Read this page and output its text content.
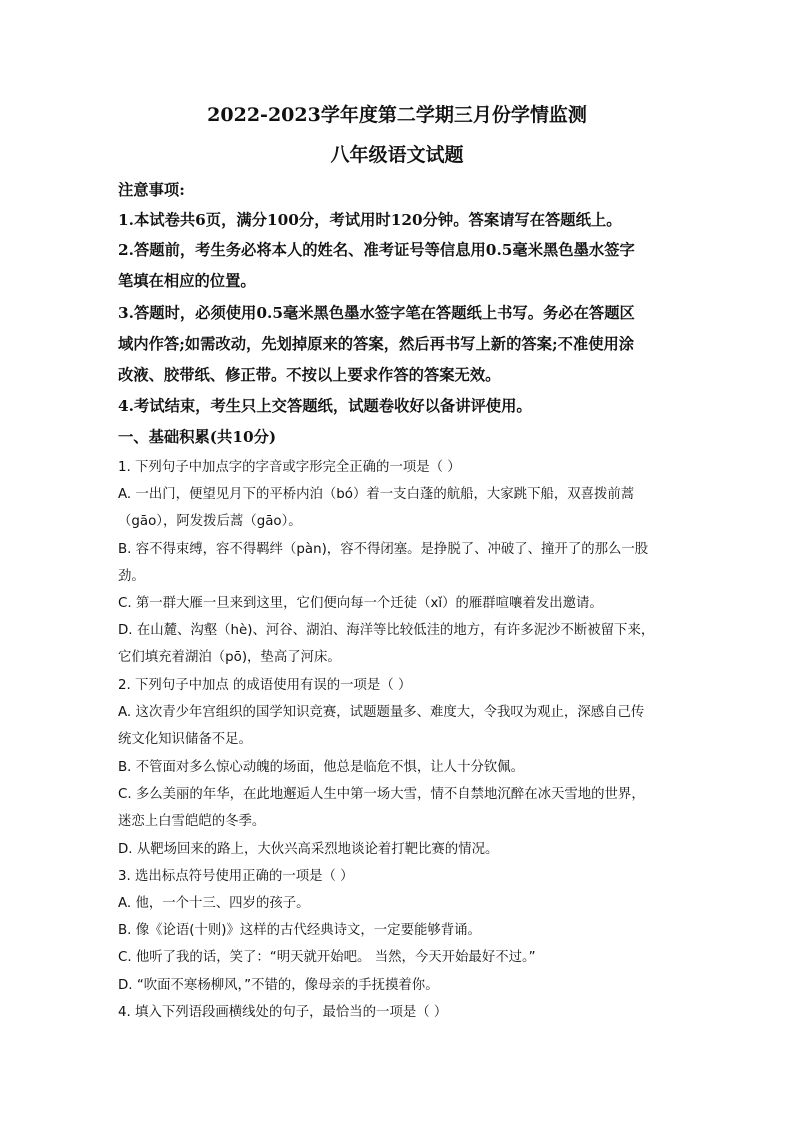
2022-2023学年度第二学期三月份学情监测
八年级语文试题
注意事项:
1.本试卷共6页，满分100分，考试用时120分钟。答案请写在答题纸上。
2.答题前，考生务必将本人的姓名、准考证号等信息用0.5毫米黑色墨水签字
笔填在相应的位置。
3.答题时，必须使用0.5毫米黑色墨水签字笔在答题纸上书写。务必在答题区
域内作答;如需改动，先划掉原来的答案，然后再书写上新的答案;不准使用涂
改液、胶带纸、修正带。不按以上要求作答的答案无效。
4.考试结束，考生只上交答题纸，试题卷收好以备讲评使用。
一、基础积累(共10分)
1. 下列句子中加点字的字音或字形完全正确的一项是（ ）
A. 一出门，便望见月下的平桥内泊（bó）着一支白蓬的航船，大家跳下船，双喜拨前蒿
（gāo），阿发拨后蒿（gāo）。
B. 容不得束缚，容不得羁绊（pàn)，容不得闭塞。是挣脱了、冲破了、撞开了的那么一股
劲。
C. 第一群大雁一旦来到这里，它们便向每一个迁徒（xǐ）的雁群喧嚷着发出邀请。
D. 在山麓、沟壑（hè)、河谷、湖泊、海洋等比较低洼的地方，有许多泥沙不断被留下来，
它们填充着湖泊（pō)，垫高了河床。
2. 下列句子中加点 的成语使用有误的一项是（ ）
A. 这次青少年宫组织的国学知识竞赛，试题题量多、难度大，令我叹为观止，深感自己传
统文化知识储备不足。
B. 不管面对多么惊心动魄的场面，他总是临危不惧，让人十分钦佩。
C. 多么美丽的年华，在此地邂逅人生中第一场大雪，情不自禁地沉醉在冰天雪地的世界，
迷恋上白雪皑皑的冬季。
D. 从靶场回来的路上，大伙兴高采烈地谈论着打靶比赛的情况。
3. 选出标点符号使用正确的一项是（ ）
A. 他，一个十三、四岁的孩子。
B. 像《论语(十则)》这样的古代经典诗文，一定要能够背诵。
C. 他听了我的话，笑了：“明天就开始吧。 当然，今天开始最好不过。”
D. “吹面不寒杨柳风，”不错的，像母亲的手抚摸着你。
4. 填入下列语段画横线处的句子，最恰当的一项是（ ）
